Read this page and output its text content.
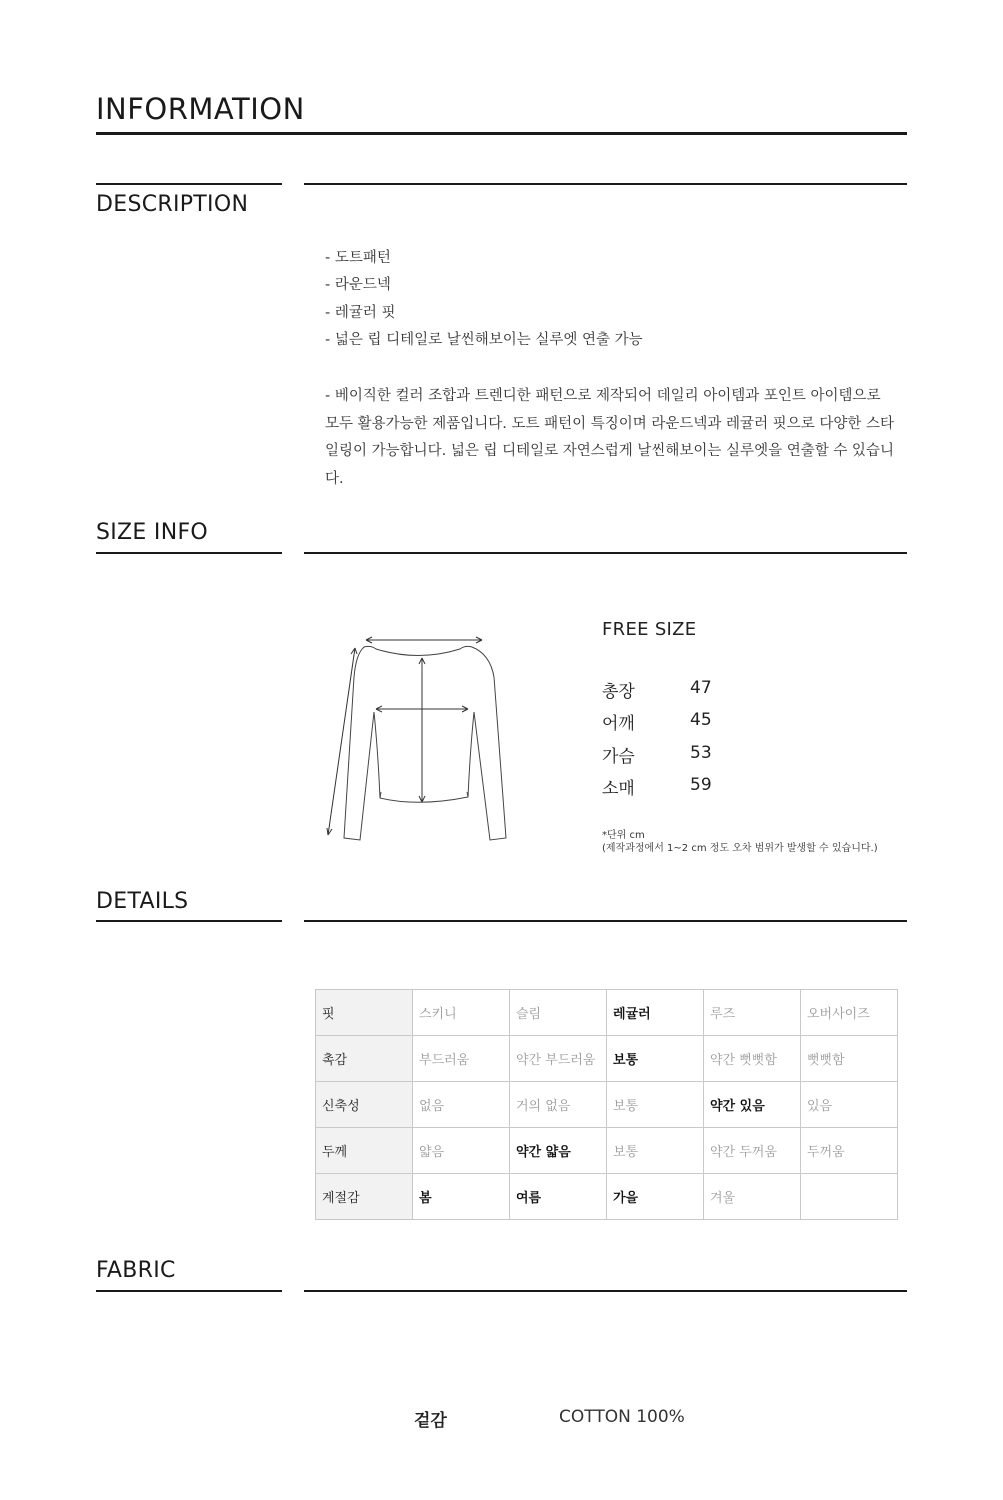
INFORMATION
DESCRIPTION
- 도트패턴
- 라운드넥
- 레귤러 핏
- 넓은 립 디테일로 날씬해보이는 실루엣 연출 가능

- 베이직한 컬러 조합과 트렌디한 패턴으로 제작되어 데일리 아이템과 포인트 아이템으로 모두 활용가능한 제품입니다. 도트 패턴이 특징이며 라운드넥과 레귤러 핏으로 다양한 스타일링이 가능합니다. 넓은 립 디테일로 자연스럽게 날씬해보이는 실루엣을 연출할 수 있습니다.

SIZE INFO
FREE SIZE
총장	47
어깨	45
가슴	53
소매	59
*단위 cm
(제작과정에서 1~2 cm 정도 오차 범위가 발생할 수 있습니다.)
DETAILS
핏	스키니	슬림	레귤러	루즈	오버사이즈
촉감	부드러움	약간 부드러움	보통	약간 뻣뻣함	뻣뻣함
신축성	없음	거의 없음	보통	약간 있음	있음
두께	얇음	약간 얇음	보통	약간 두꺼움	두꺼움
계절감	봄	여름	가을	겨울	
FABRIC
겉감	COTTON 100%
